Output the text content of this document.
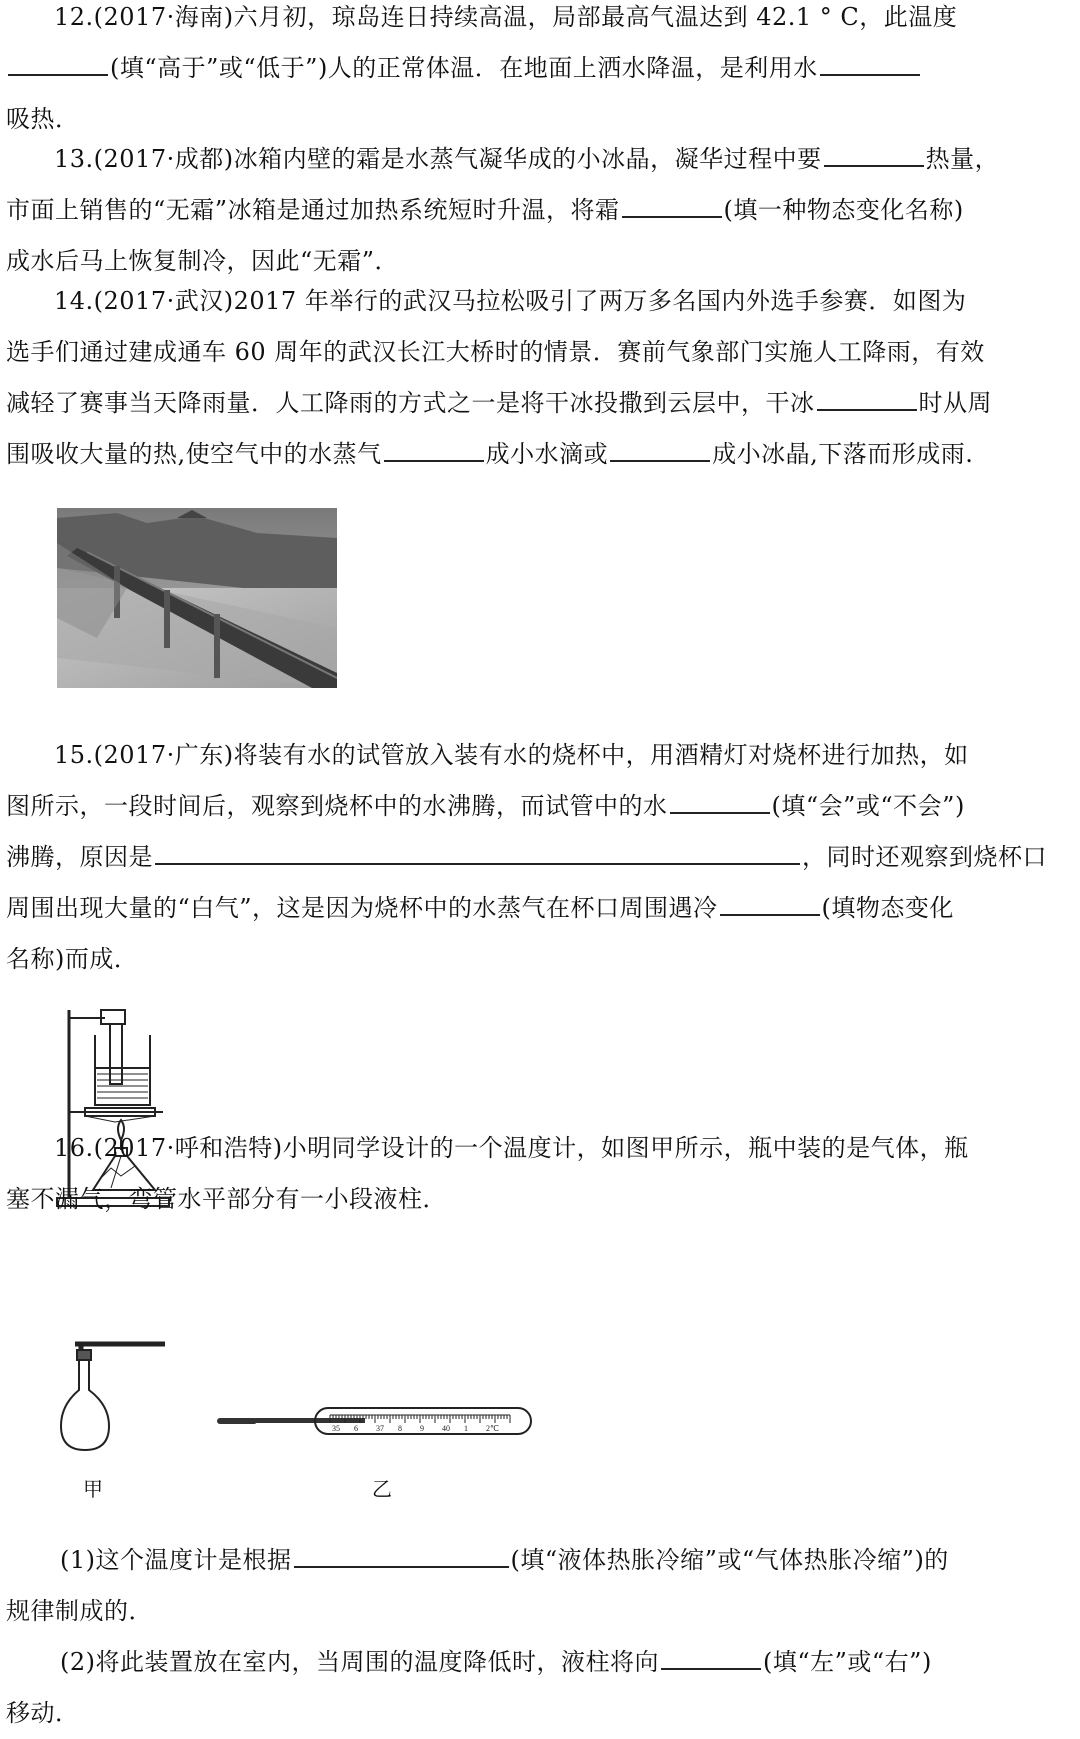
12.(2017·海南)六月初，琼岛连日持续高温，局部最高气温达到 42.1 ° C，此温度
(填“高于”或“低于”)人的正常体温．在地面上洒水降温，是利用水
吸热．
13.(2017·成都)冰箱内壁的霜是水蒸气凝华成的小冰晶，凝华过程中要	热量，
市面上销售的“无霜”冰箱是通过加热系统短时升温，将霜	(填一种物态变化名称)
成水后马上恢复制冷，因此“无霜”．
14.(2017·武汉)2017 年举行的武汉马拉松吸引了两万多名国内外选手参赛．如图为
选手们通过建成通车 60 周年的武汉长江大桥时的情景．赛前气象部门实施人工降雨，有效
减轻了赛事当天降雨量．人工降雨的方式之一是将干冰投撒到云层中，干冰	时从周
围吸收大量的热,使空气中的水蒸气	成小水滴或	成小冰晶,下落而形成雨.
15.(2017·广东)将装有水的试管放入装有水的烧杯中，用酒精灯对烧杯进行加热，如
图所示，一段时间后，观察到烧杯中的水沸腾，而试管中的水	(填“会”或“不会”)
沸腾，原因是	，同时还观察到烧杯口
周围出现大量的“白气”，这是因为烧杯中的水蒸气在杯口周围遇冷	(填物态变化
名称)而成．
16.(2017·呼和浩特)小明同学设计的一个温度计，如图甲所示，瓶中装的是气体，瓶
塞不漏气，弯管水平部分有一小段液柱．
甲
35 6 37 8 9 40 1 2℃
乙
(1)这个温度计是根据	(填“液体热胀冷缩”或“气体热胀冷缩”)的
规律制成的．
(2)将此装置放在室内，当周围的温度降低时，液柱将向	(填“左”或“右”)
移动．
